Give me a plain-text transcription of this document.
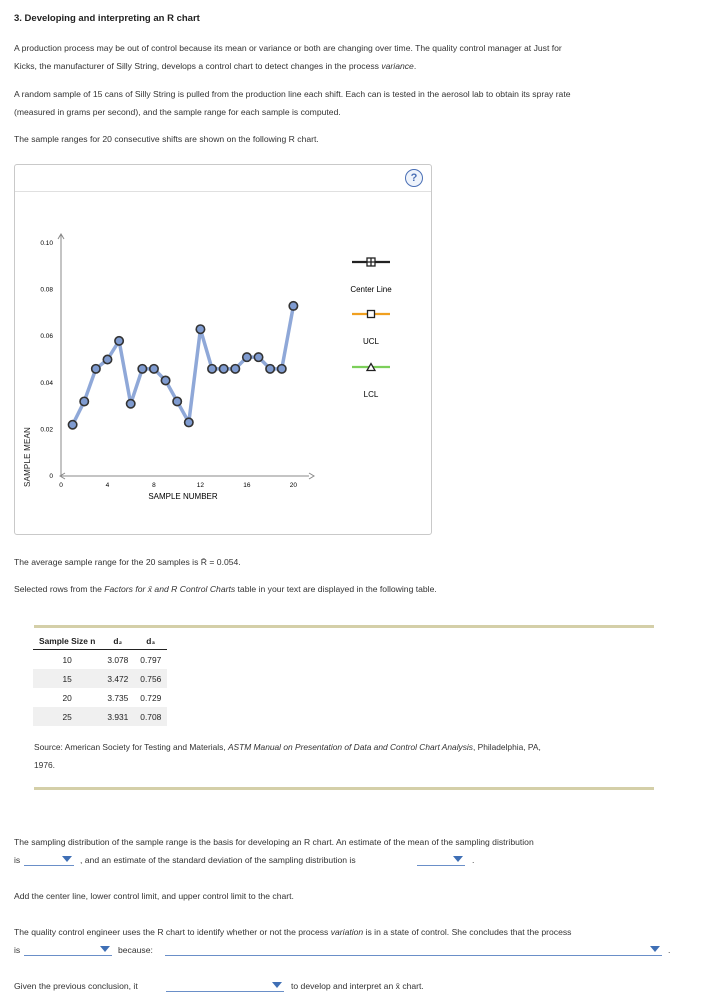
3. Developing and interpreting an R chart
A production process may be out of control because its mean or variance or both are changing over time. The quality control manager at Just for
Kicks, the manufacturer of Silly String, develops a control chart to detect changes in the process variance.
A random sample of 15 cans of Silly String is pulled from the production line each shift. Each can is tested in the aerosol lab to obtain its spray rate
(measured in grams per second), and the sample range for each sample is computed.
The sample ranges for 20 consecutive shifts are shown on the following R chart.
?
SAMPLE MEAN	0
0.02
0.04
0.06
0.08
0.10
0	4	8	12	16	20
SAMPLE NUMBER
Center Line
UCL
LCL
The average sample range for the 20 samples is R̄ = 0.054.
Selected rows from the Factors for x̄ and R Control Charts table in your text are displayed in the following table.
Sample Size n	d₂	d₃
10	3.078	0.797
15	3.472	0.756
20	3.735	0.729
25	3.931	0.708
Source: American Society for Testing and Materials, ASTM Manual on Presentation of Data and Control Chart Analysis, Philadelphia, PA,
1976.
The sampling distribution of the sample range is the basis for developing an R chart. An estimate of the mean of the sampling distribution
is	, and an estimate of the standard deviation of the sampling distribution is	.
Add the center line, lower control limit, and upper control limit to the chart.
The quality control engineer uses the R chart to identify whether or not the process variation is in a state of control. She concludes that the process
is	because:	.
Given the previous conclusion, it	to develop and interpret an x̄ chart.
